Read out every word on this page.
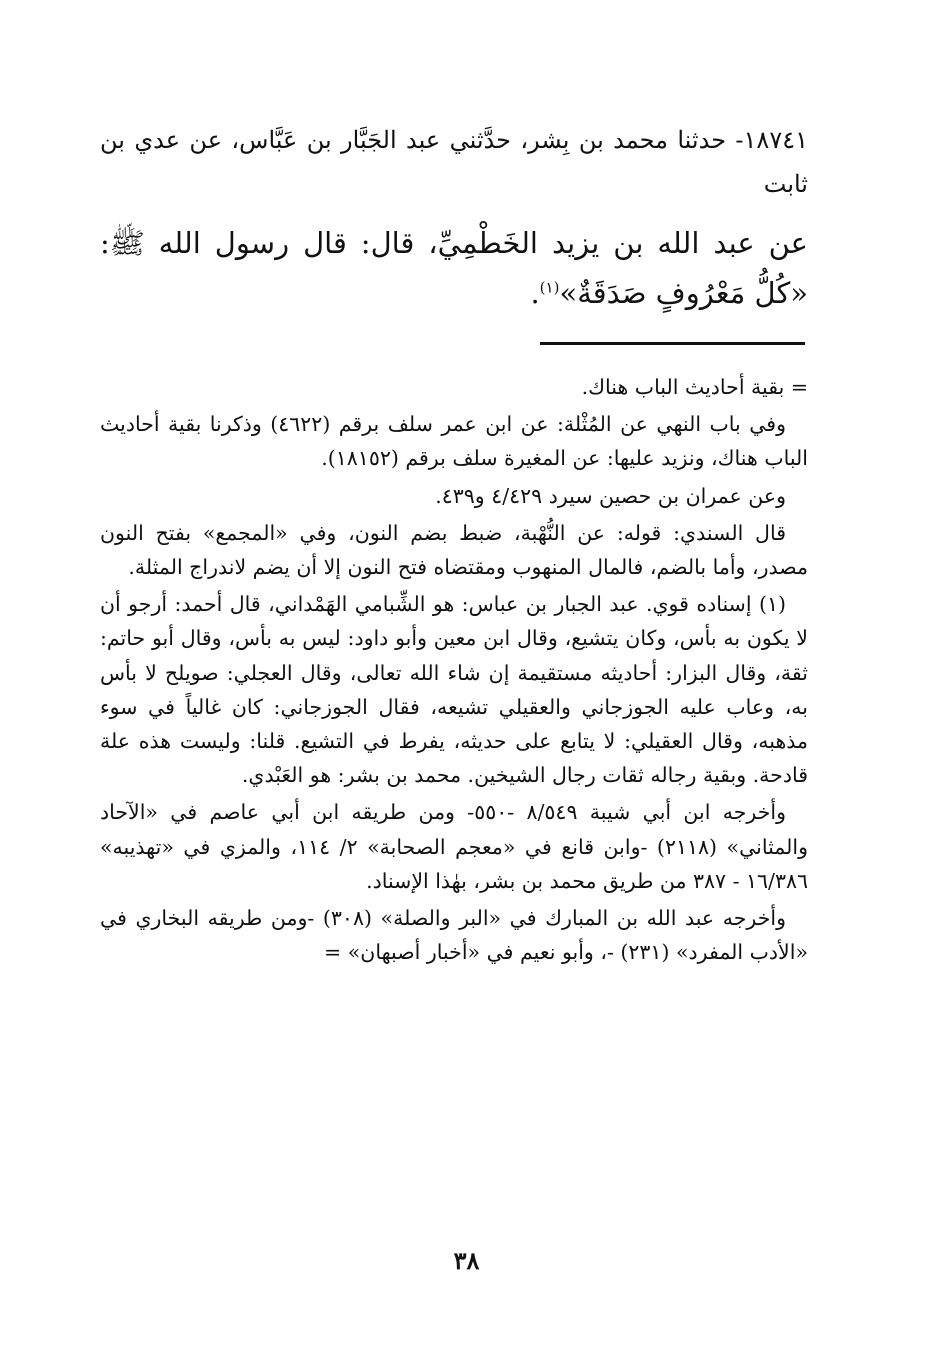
١٨٧٤١- حدثنا محمد بن بِشر، حدَّثني عبد الجَبَّار بن عَبَّاس، عن عدي بن ثابت

عن عبد الله بن يزيد الخَطْمِيِّ، قال: قال رسول الله ﷺ: «كُلُّ مَعْرُوفٍ صَدَقَةٌ»$^{(١)}$.

= بقية أحاديث الباب هناك.

وفي باب النهي عن المُثْلة: عن ابن عمر سلف برقم (٤٦٢٢) وذكرنا بقية أحاديث الباب هناك، ونزيد عليها: عن المغيرة سلف برقم (١٨١٥٢).

وعن عمران بن حصين سيرد ٤/٤٢٩ و٤٣٩.

قال السندي: قوله: عن النُّهْبة، ضبط بضم النون، وفي «المجمع» بفتح النون مصدر، وأما بالضم، فالمال المنهوب ومقتضاه فتح النون إلا أن يضم لاندراج المثلة.

(١) إسناده قوي. عبد الجبار بن عباس: هو الشِّبامي الهَمْداني، قال أحمد: أرجو أن لا يكون به بأس، وكان يتشيع، وقال ابن معين وأبو داود: ليس به بأس، وقال أبو حاتم: ثقة، وقال البزار: أحاديثه مستقيمة إن شاء الله تعالى، وقال العجلي: صويلح لا بأس به، وعاب عليه الجوزجاني والعقيلي تشيعه، فقال الجوزجاني: كان غالياً في سوء مذهبه، وقال العقيلي: لا يتابع على حديثه، يفرط في التشيع. قلنا: وليست هذه علة قادحة. وبقية رجاله ثقات رجال الشيخين. محمد بن بشر: هو العَبْدي.

وأخرجه ابن أبي شيبة ٨/٥٤٩ -٥٥٠- ومن طريقه ابن أبي عاصم في «الآحاد والمثاني» (٢١١٨) -وابن قانع في «معجم الصحابة» ٢/ ١١٤، والمزي في «تهذيبه» ١٦/٣٨٦ - ٣٨٧ من طريق محمد بن بشر، بهٰذا الإسناد.

وأخرجه عبد الله بن المبارك في «البر والصلة» (٣٠٨) -ومن طريقه البخاري في «الأدب المفرد» (٢٣١) -، وأبو نعيم في «أخبار أصبهان» =

٣٨
